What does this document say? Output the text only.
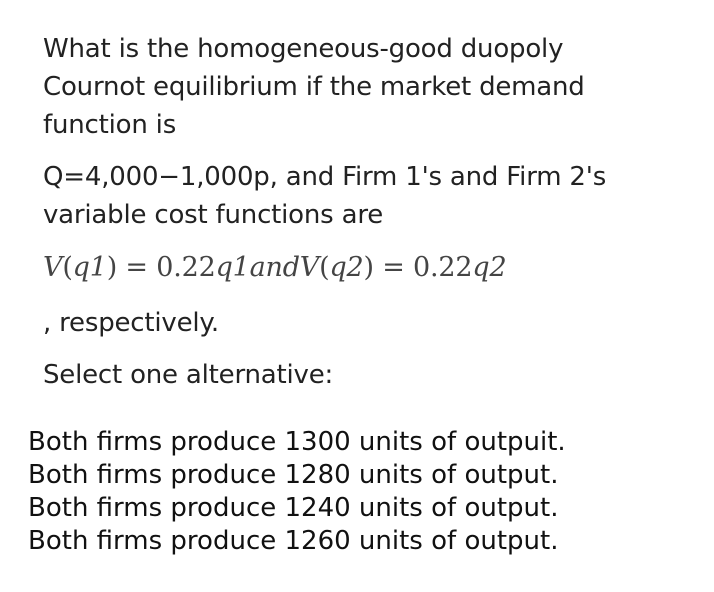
What is the homogeneous-good duopoly
Cournot equilibrium if the market demand
function is
Q=4,000−1,000p, and Firm 1's and Firm 2's
variable cost functions are
V(q1) = 0.22q1andV(q2) = 0.22q2
, respectively.
Select one alternative:
Both firms produce 1300 units of outpuit.
Both firms produce 1280 units of output.
Both firms produce 1240 units of output.
Both firms produce 1260 units of output.
